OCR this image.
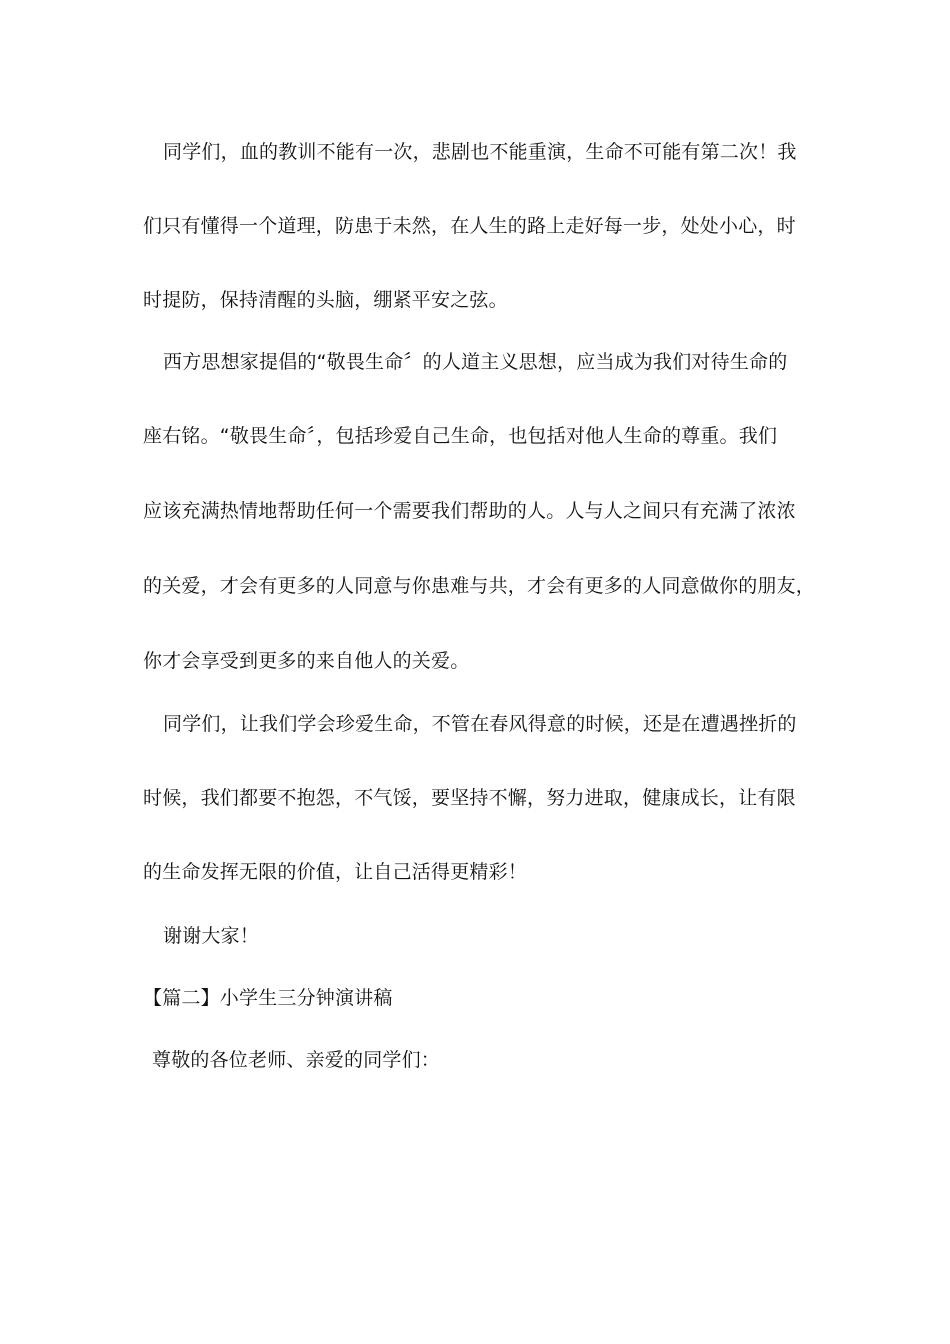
同学们，血的教训不能有一次，悲剧也不能重演，生命不可能有第二次！我
们只有懂得一个道理，防患于未然，在人生的路上走好每一步，处处小心，时
时提防，保持清醒的头脑，绷紧平安之弦。
西方思想家提倡的“敬畏生命〞的人道主义思想，应当成为我们对待生命的
座右铭。“敬畏生命〞，包括珍爱自己生命，也包括对他人生命的尊重。我们
应该充满热情地帮助任何一个需要我们帮助的人。人与人之间只有充满了浓浓
的关爱，才会有更多的人同意与你患难与共，才会有更多的人同意做你的朋友，
你才会享受到更多的来自他人的关爱。
同学们，让我们学会珍爱生命，不管在春风得意的时候，还是在遭遇挫折的
时候，我们都要不抱怨，不气馁，要坚持不懈，努力进取，健康成长，让有限
的生命发挥无限的价值，让自己活得更精彩！
谢谢大家！
【篇二】小学生三分钟演讲稿
尊敬的各位老师、亲爱的同学们：
